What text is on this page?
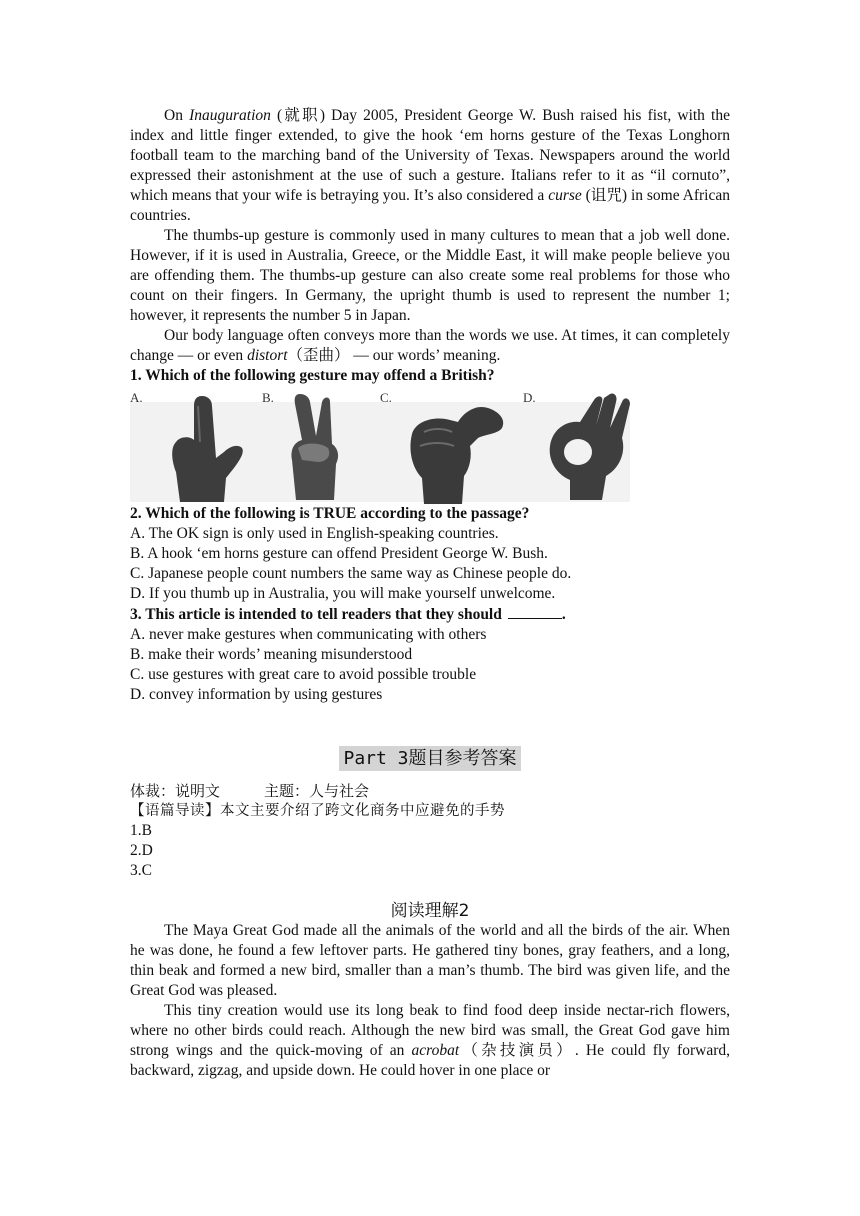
On Inauguration (就职) Day 2005, President George W. Bush raised his fist, with the index and little finger extended, to give the hook ‘em horns gesture of the Texas Longhorn football team to the marching band of the University of Texas. Newspapers around the world expressed their astonishment at the use of such a gesture. Italians refer to it as “il cornuto”, which means that your wife is betraying you. It’s also considered a curse (诅咒) in some African countries.

The thumbs-up gesture is commonly used in many cultures to mean that a job well done. However, if it is used in Australia, Greece, or the Middle East, it will make people believe you are offending them. The thumbs-up gesture can also create some real problems for those who count on their fingers. In Germany, the upright thumb is used to represent the number 1; however, it represents the number 5 in Japan.

Our body language often conveys more than the words we use. At times, it can completely change — or even distort（歪曲） — our words’ meaning.

1. Which of the following gesture may offend a British?

A.	B.	C.	D.

2. Which of the following is TRUE according to the passage?

A. The OK sign is only used in English-speaking countries.

B. A hook ‘em horns gesture can offend President George W. Bush.

C. Japanese people count numbers the same way as Chinese people do.

D. If you thumb up in Australia, you will make yourself unwelcome.

3. This article is intended to tell readers that they should	.

A. never make gestures when communicating with others

B. make their words’ meaning misunderstood

C. use gestures with great care to avoid possible trouble

D. convey information by using gestures

Part 3题目参考答案

体裁：说明文	主题：人与社会

【语篇导读】本文主要介绍了跨文化商务中应避免的手势

1.B

2.D

3.C

阅读理解2

The Maya Great God made all the animals of the world and all the birds of the air. When he was done, he found a few leftover parts. He gathered tiny bones, gray feathers, and a long, thin beak and formed a new bird, smaller than a man’s thumb. The bird was given life, and the Great God was pleased.

This tiny creation would use its long beak to find food deep inside nectar-rich flowers, where no other birds could reach. Although the new bird was small, the Great God gave him strong wings and the quick-moving of an acrobat（杂技演员）. He could fly forward, backward, zigzag, and upside down. He could hover in one place or
